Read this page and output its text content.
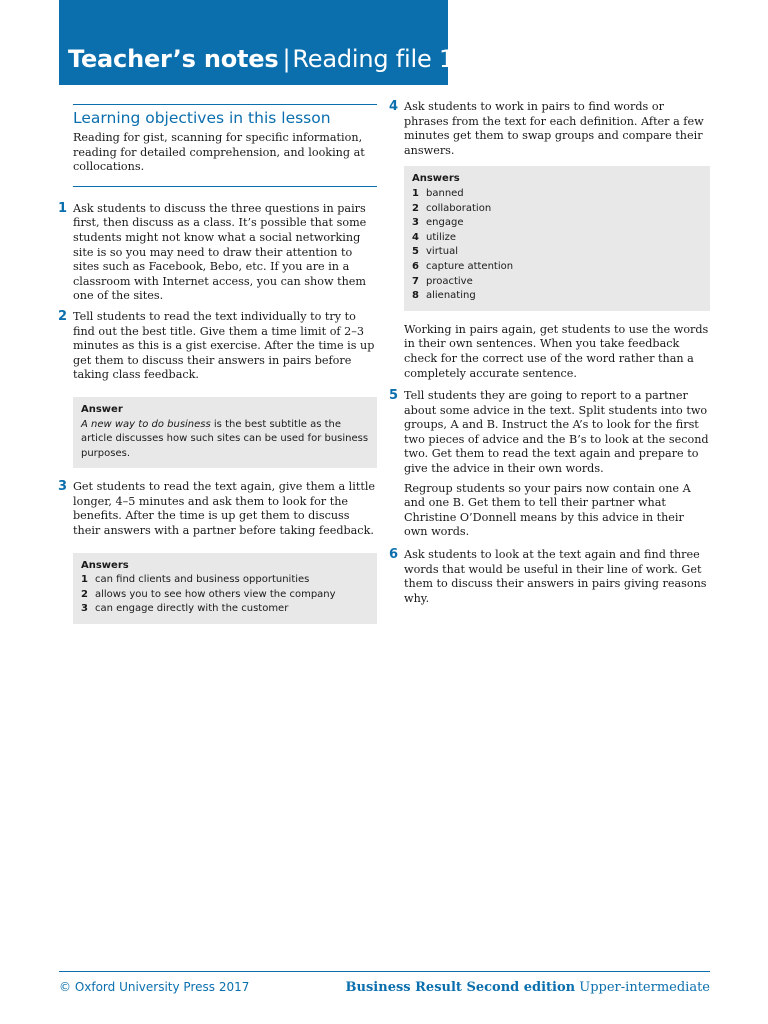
Teacher’s notes |Reading file 1
Learning objectives in this lesson
Reading for gist, scanning for specific information, reading for detailed comprehension, and looking at collocations.
1 Ask students to discuss the three questions in pairs first, then discuss as a class. It’s possible that some students might not know what a social networking site is so you may need to draw their attention to sites such as Facebook, Bebo, etc. If you are in a classroom with Internet access, you can show them one of the sites.
2 Tell students to read the text individually to try to find out the best title. Give them a time limit of 2–3 minutes as this is a gist exercise. After the time is up get them to discuss their answers in pairs before taking class feedback.
Answer
A new way to do business is the best subtitle as the article discusses how such sites can be used for business purposes.
3 Get students to read the text again, give them a little longer, 4–5 minutes and ask them to look for the benefits. After the time is up get them to discuss their answers with a partner before taking feedback.
Answers
1 can find clients and business opportunities
2 allows you to see how others view the company
3 can engage directly with the customer
4 Ask students to work in pairs to find words or phrases from the text for each definition. After a few minutes get them to swap groups and compare their answers.
Answers
1 banned
2 collaboration
3 engage
4 utilize
5 virtual
6 capture attention
7 proactive
8 alienating
Working in pairs again, get students to use the words in their own sentences. When you take feedback check for the correct use of the word rather than a completely accurate sentence.
5 Tell students they are going to report to a partner about some advice in the text. Split students into two groups, A and B. Instruct the A’s to look for the first two pieces of advice and the B’s to look at the second two. Get them to read the text again and prepare to give the advice in their own words.
Regroup students so your pairs now contain one A and one B. Get them to tell their partner what Christine O’Donnell means by this advice in their own words.
6 Ask students to look at the text again and find three words that would be useful in their line of work. Get them to discuss their answers in pairs giving reasons why.
© Oxford University Press 2017	Business Result Second edition Upper-intermediate
